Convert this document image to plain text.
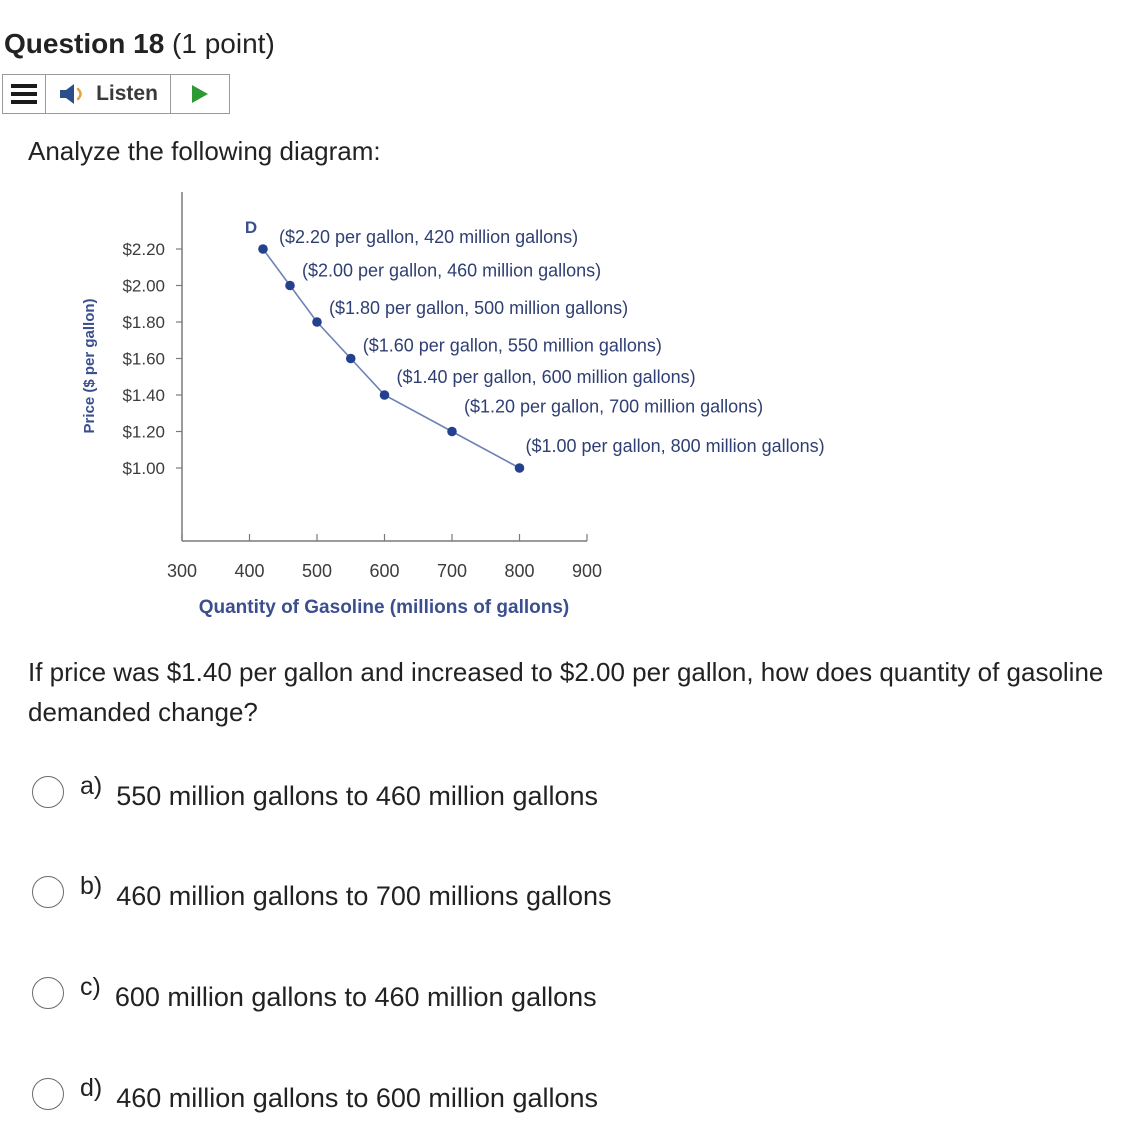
Question 18 (1 point)
Listen
Analyze the following diagram:
Price ($ per gallon)
Quantity of Gasoline (millions of gallons)
D
$2.20
$2.00
$1.80
$1.60
$1.40
$1.20
$1.00
300 400 500 600 700 800 900
($2.20 per gallon, 420 million gallons)
($2.00 per gallon, 460 million gallons)
($1.80 per gallon, 500 million gallons)
($1.60 per gallon, 550 million gallons)
($1.40 per gallon, 600 million gallons)
($1.20 per gallon, 700 million gallons)
($1.00 per gallon, 800 million gallons)
If price was $1.40 per gallon and increased to $2.00 per gallon, how does quantity of gasoline demanded change?
a) 550 million gallons to 460 million gallons
b) 460 million gallons to 700 millions gallons
c) 600 million gallons to 460 million gallons
d) 460 million gallons to 600 million gallons
